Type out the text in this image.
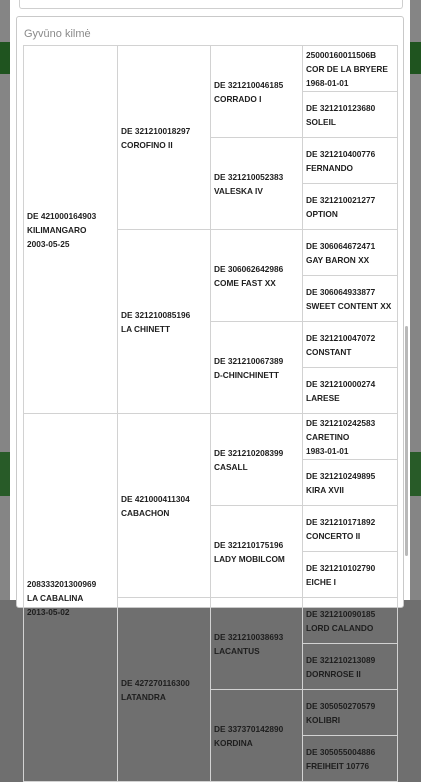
Gyvūno kilmė
DE 421000164903
KILIMANGARO
2003-05-25	DE 321210018297
COROFINO II	DE 321210046185
CORRADO I	25000160011506B
COR DE LA BRYERE
1968-01-01

			DE 321210123680
SOLEIL

		DE 321210052383
VALESKA IV	DE 321210400776
FERNANDO

			DE 321210021277
OPTION

	DE 321210085196
LA CHINETT	DE 306062642986
COME FAST XX	DE 306064672471
GAY BARON XX

			DE 306064933877
SWEET CONTENT XX

		DE 321210067389
D-CHINCHINETT	DE 321210047072
CONSTANT

			DE 321210000274
LARESE

208333201300969
LA CABALINA
2013-05-02	DE 421000411304
CABACHON	DE 321210208399
CASALL	DE 321210242583
CARETINO
1983-01-01

			DE 321210249895
KIRA XVII

		DE 321210175196
LADY MOBILCOM	DE 321210171892
CONCERTO II

			DE 321210102790
EICHE I

	DE 427270116300
LATANDRA	DE 321210038693
LACANTUS	DE 321210090185
LORD CALANDO

			DE 321210213089
DORNROSE II

		DE 337370142890
KORDINA	DE 305050270579
KOLIBRI

			DE 305055004886
FREIHEIT 10776
